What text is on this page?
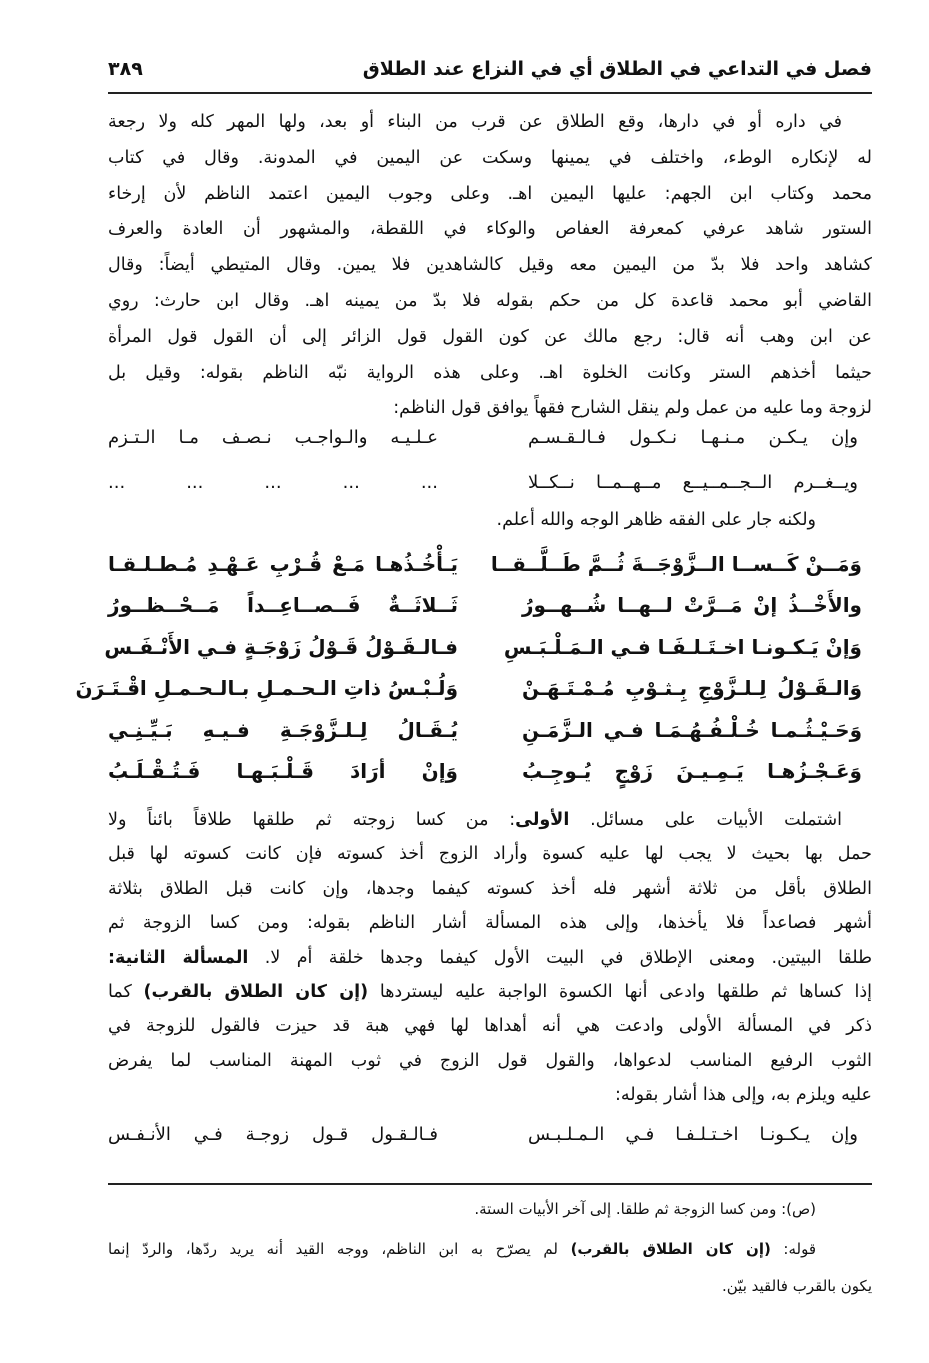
فصل في التداعي في الطلاق أي في النزاع عند الطلاق
٣٨٩
في داره أو في دارها، وقع الطلاق عن قرب من البناء أو بعد، ولها المهر كله ولا رجعة
له لإنكاره الوطء، واختلف في يمينها وسكت عن اليمين في المدونة. وقال في كتاب
محمد وكتاب ابن الجهم: عليها اليمين اهـ. وعلى وجوب اليمين اعتمد الناظم لأن إرخاء
الستور شاهد عرفي كمعرفة العفاص والوكاء في اللقطة، والمشهور أن العادة والعرف
كشاهد واحد فلا بدّ من اليمين معه وقيل كالشاهدين فلا يمين. وقال المتيطي أيضاً: وقال
القاضي أبو محمد قاعدة كل من حكم بقوله فلا بدّ من يمينه اهـ. وقال ابن حارث: روي
عن ابن وهب أنه قال: رجع مالك عن كون القول قول الزائر إلى أن القول قول المرأة
حيثما أخذهم الستر وكانت الخلوة اهـ. وعلى هذه الرواية نبّه الناظم بقوله: وقيل بل
لزوجة وما عليه من عمل ولم ينقل الشارح فقهاً يوافق قول الناظم:
وإن يـكـن مـنـهـا نـكـول فـالـقـسـم
عـلـيـه والـواجـب نـصـف مـا الـتـزم
ويــغــرم الــجــمــيــع مــهــمــا نــكــلا
... ... ... ... ...
ولكنه جار على الفقه ظاهر الوجه والله أعلم.
وَمَــنْ كَــســا الــزَّوْجَــةَ ثُــمَّ طَــلَّــقــا
يَـأْخُـذُهـا مَـعْ قُـرْبِ عَـهْـدِ مُـطـلـقـا
والأَخْــذُ إنْ مَــرَّتْ لــهــا شُــهــورُ
ثَــلاثَــةٌ فَــصــاعِــداً مَــحْــظــورُ
وَإنْ يَـكـونـا اخـتَـلـفَـا فـي الـمَـلْـبَـسِ
فـالـقَـوْلُ قَـوْلُ زَوْجَـةٍ فـي الأَنْـفَـس
وَالـقَـوْلُ لِـلـزَّوْجِ بِـثـوْبِ مُـمْـتَـهَـنْ
وَلُـبْـسُ ذاتِ الـحـمـلِ بـالـحـمـلِ اقْـتَـرَنَ
وَحَـيْـثُـمـا خُـلْـفُـهُـمَـا فـي الـزَّمَـنِ
يُـقَـالُ لِـلـزَّوْجَـةِ فـيـهِ بَـيِّـنِـي
وَعَـجْـزُهـا يَـمِـيـنَ زَوْجٍ يُـوجِـبُ
وَإنْ أرَادَ قَـلْـبَـهـا فَـتُـقْـلَـبُ
اشتملت الأبيات على مسائل. الأولى: من كسا زوجته ثم طلقها طلاقاً بائناً ولا
حمل بها بحيث لا يجب لها عليه كسوة وأراد الزوج أخذ كسوته فإن كانت كسوته لها قبل
الطلاق بأقل من ثلاثة أشهر فله أخذ كسوته كيفما وجدها، وإن كانت قبل الطلاق بثلاثة
أشهر فصاعداً فلا يأخذها، وإلى هذه المسألة أشار الناظم بقوله: ومن كسا الزوجة ثم
طلقا البيتين. ومعنى الإطلاق في البيت الأول كيفما وجدها خلقة أم لا. المسألة الثانية:
إذا كساها ثم طلقها وادعى أنها الكسوة الواجبة عليه ليستردها (إن كان الطلاق بالقرب) كما
ذكر في المسألة الأولى وادعت هي أنه أهداها لها فهي هبة قد حيزت فالقول للزوجة في
الثوب الرفيع المناسب لدعواها، والقول قول الزوج في ثوب المهنة المناسب لما يفرض
عليه ويلزم به، وإلى هذا أشار بقوله:
وإن يـكـونـا اخـتـلـفـا فـي الـمـلـبـس
فـالـقـول قـول زوجـة فـي الأنـفـس
(ص): ومن كسا الزوجة ثم طلقا. إلى آخر الأبيات الستة.
قوله: (إن كان الطلاق بالقرب) لم يصرّح به ابن الناظم، ووجه القيد أنه يريد ردّها، والردّ إنما
يكون بالقرب فالقيد بيّن.
